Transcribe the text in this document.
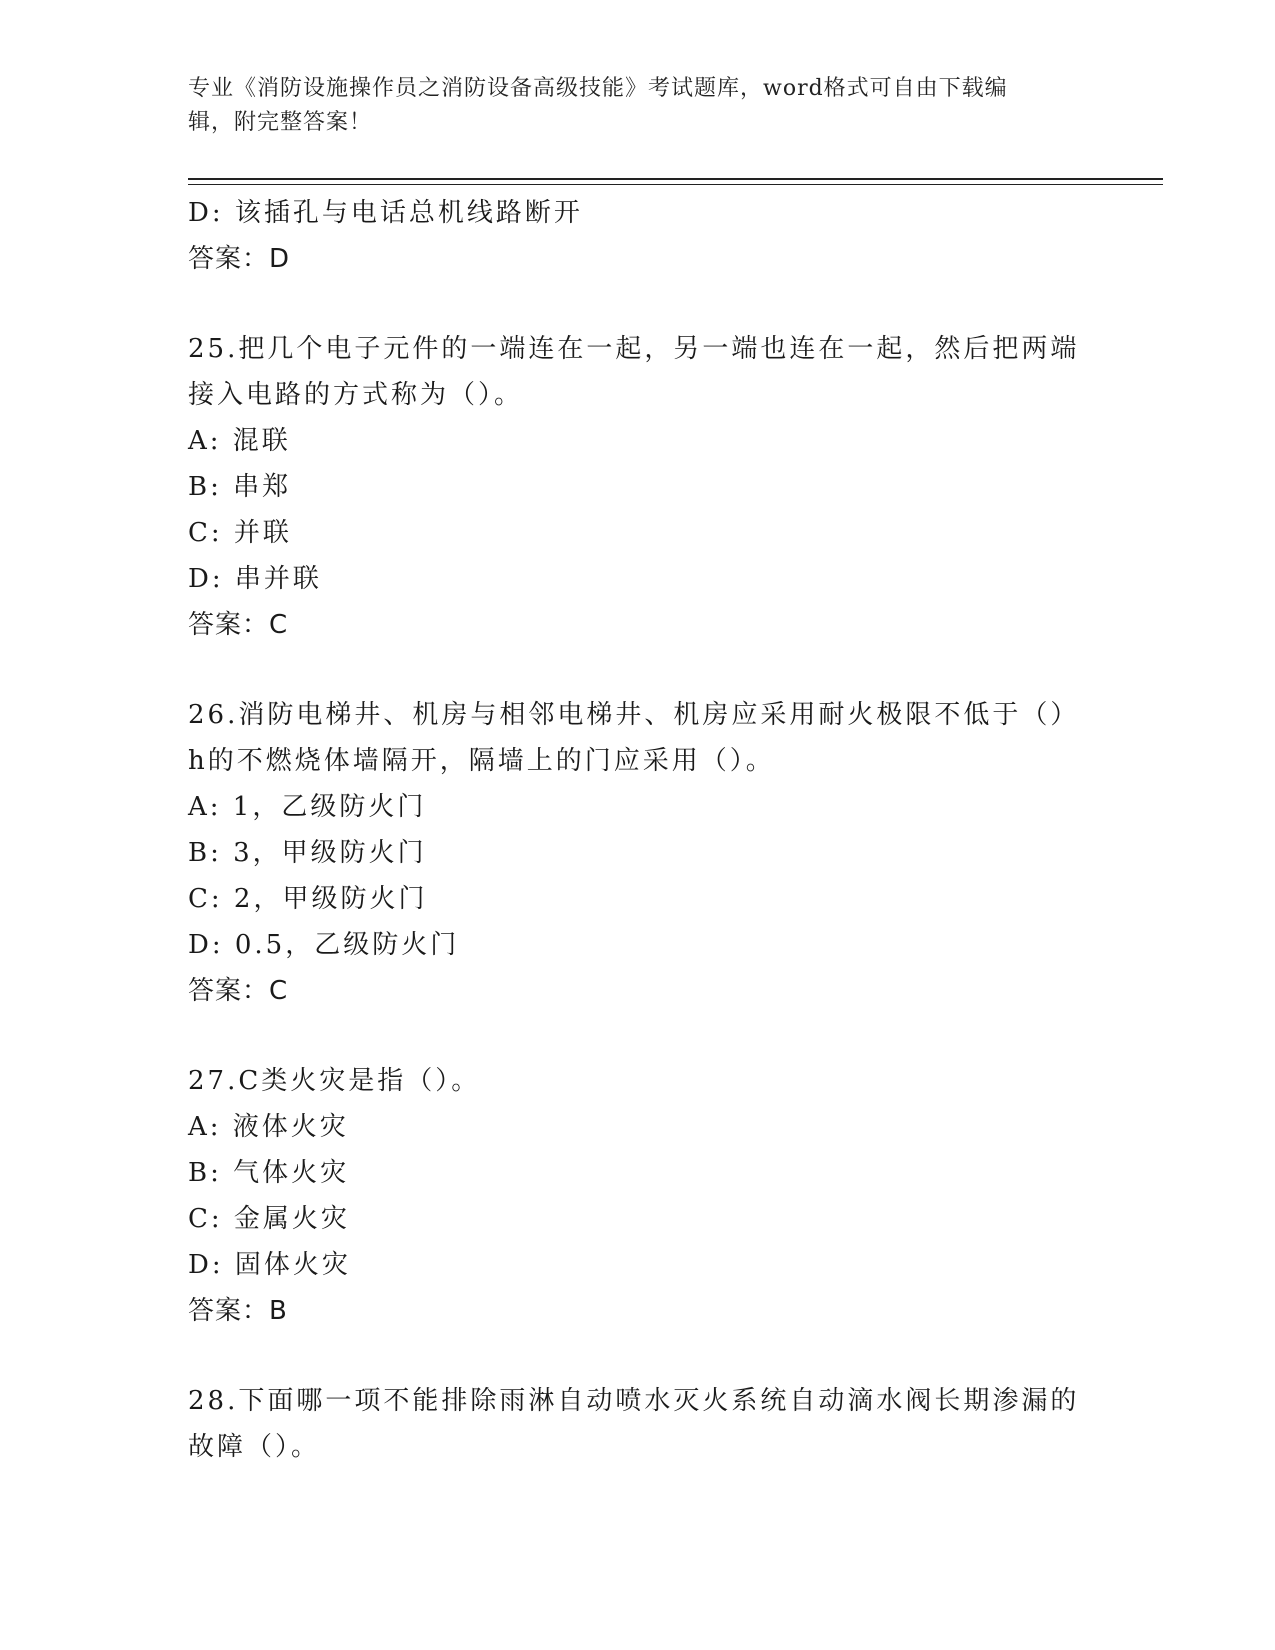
专业《消防设施操作员之消防设备高级技能》考试题库，word格式可自由下载编
辑，附完整答案！
D: 该插孔与电话总机线路断开
答案：D
25.把几个电子元件的一端连在一起，另一端也连在一起，然后把两端
接入电路的方式称为（）。
A: 混联
B: 串郑
C: 并联
D: 串并联
答案：C
26.消防电梯井、机房与相邻电梯井、机房应采用耐火极限不低于（）
h的不燃烧体墙隔开，隔墙上的门应采用（）。
A: 1，乙级防火门
B: 3，甲级防火门
C: 2，甲级防火门
D: 0.5，乙级防火门
答案：C
27.C类火灾是指（）。
A: 液体火灾
B: 气体火灾
C: 金属火灾
D: 固体火灾
答案：B
28.下面哪一项不能排除雨淋自动喷水灭火系统自动滴水阀长期渗漏的
故障（）。
